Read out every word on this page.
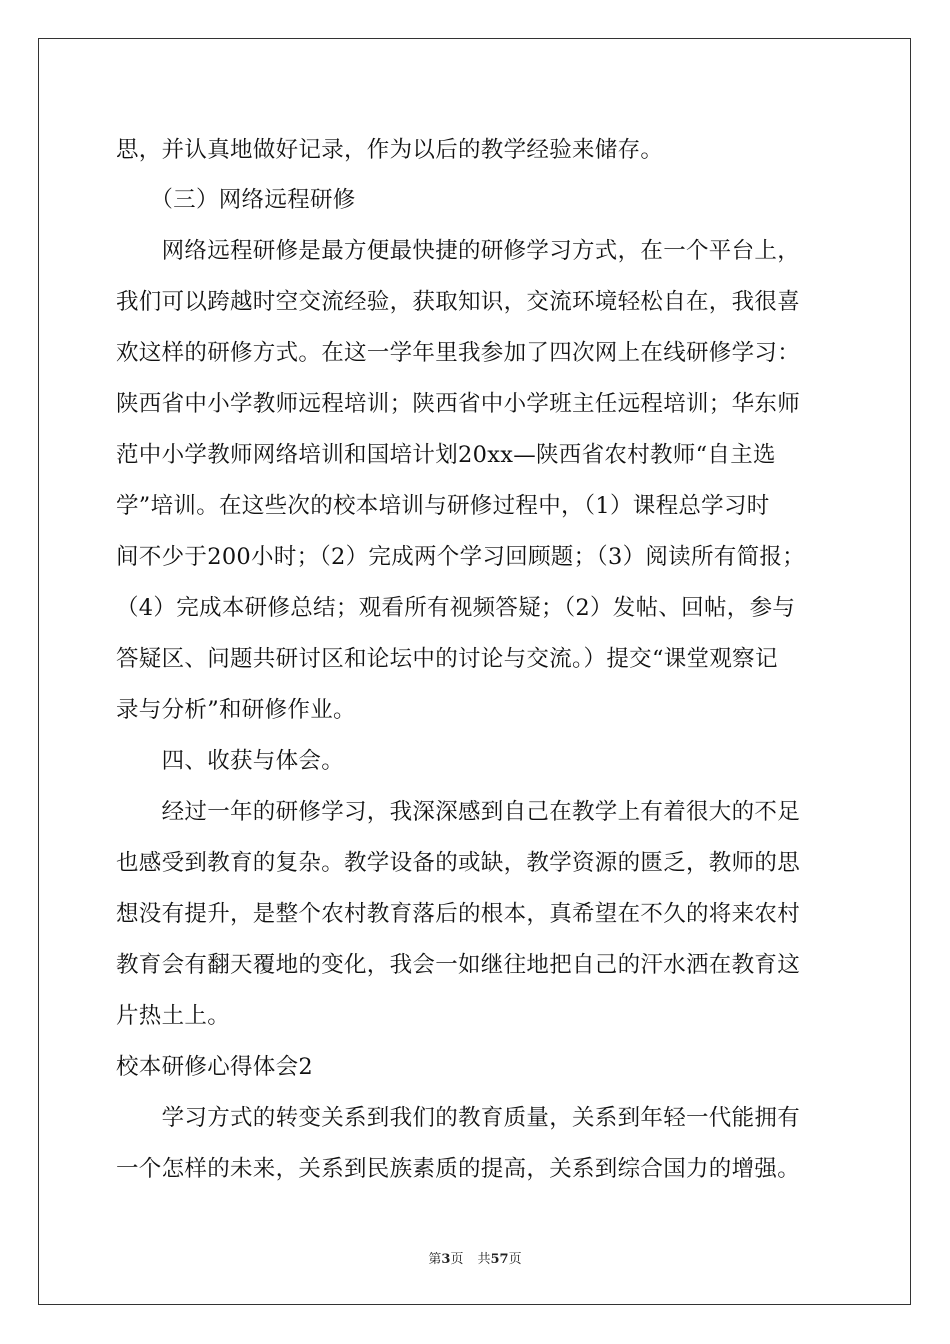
思，并认真地做好记录，作为以后的教学经验来储存。
　　（三）网络远程研修
　　网络远程研修是最方便最快捷的研修学习方式，在一个平台上，
我们可以跨越时空交流经验，获取知识，交流环境轻松自在，我很喜
欢这样的研修方式。在这一学年里我参加了四次网上在线研修学习：
陕西省中小学教师远程培训；陕西省中小学班主任远程培训；华东师
范中小学教师网络培训和国培计划20xx—陕西省农村教师“自主选
学”培训。在这些次的校本培训与研修过程中，（1）课程总学习时
间不少于200小时；（2）完成两个学习回顾题；（3）阅读所有简报；
（4）完成本研修总结；观看所有视频答疑；（2）发帖、回帖，参与
答疑区、问题共研讨区和论坛中的讨论与交流。）提交“课堂观察记
录与分析”和研修作业。
　　四、收获与体会。
　　经过一年的研修学习，我深深感到自己在教学上有着很大的不足
也感受到教育的复杂。教学设备的或缺，教学资源的匮乏，教师的思
想没有提升，是整个农村教育落后的根本，真希望在不久的将来农村
教育会有翻天覆地的变化，我会一如继往地把自己的汗水洒在教育这
片热土上。
校本研修心得体会2
　　学习方式的转变关系到我们的教育质量，关系到年轻一代能拥有
一个怎样的未来，关系到民族素质的提高，关系到综合国力的增强。
第3页 共57页
